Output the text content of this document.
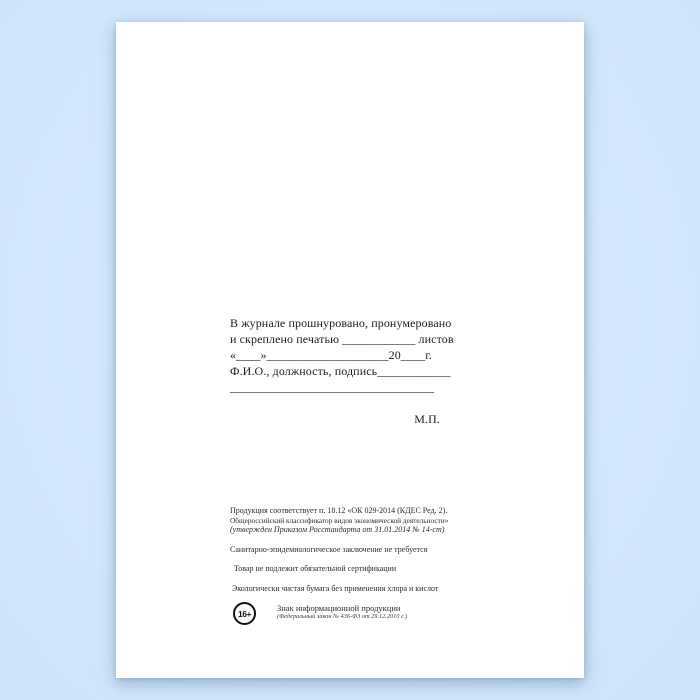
В журнале прошнуровано, пронумеровано
и скреплено печатью ____________ листов
«____»____________________20____г.
Ф.И.О., должность, подпись____________
__________________________________
М.П.
Продукция соответствует п. 18.12 «ОК 029-2014 (КДЕС Ред. 2).
Общероссийский классификатор видов экономической деятельности»
(утвержден Приказом Росстандарта от 31.01.2014 № 14-ст)
Санитарно-эпидемиологическое заключение не требуется
Товар не подлежит обязательной сертификации
Экологически чистая бумага без применения хлора и кислот
16+
Знак информационной продукции
(Федеральный закон № 436-ФЗ от 29.12.2010 г.)
